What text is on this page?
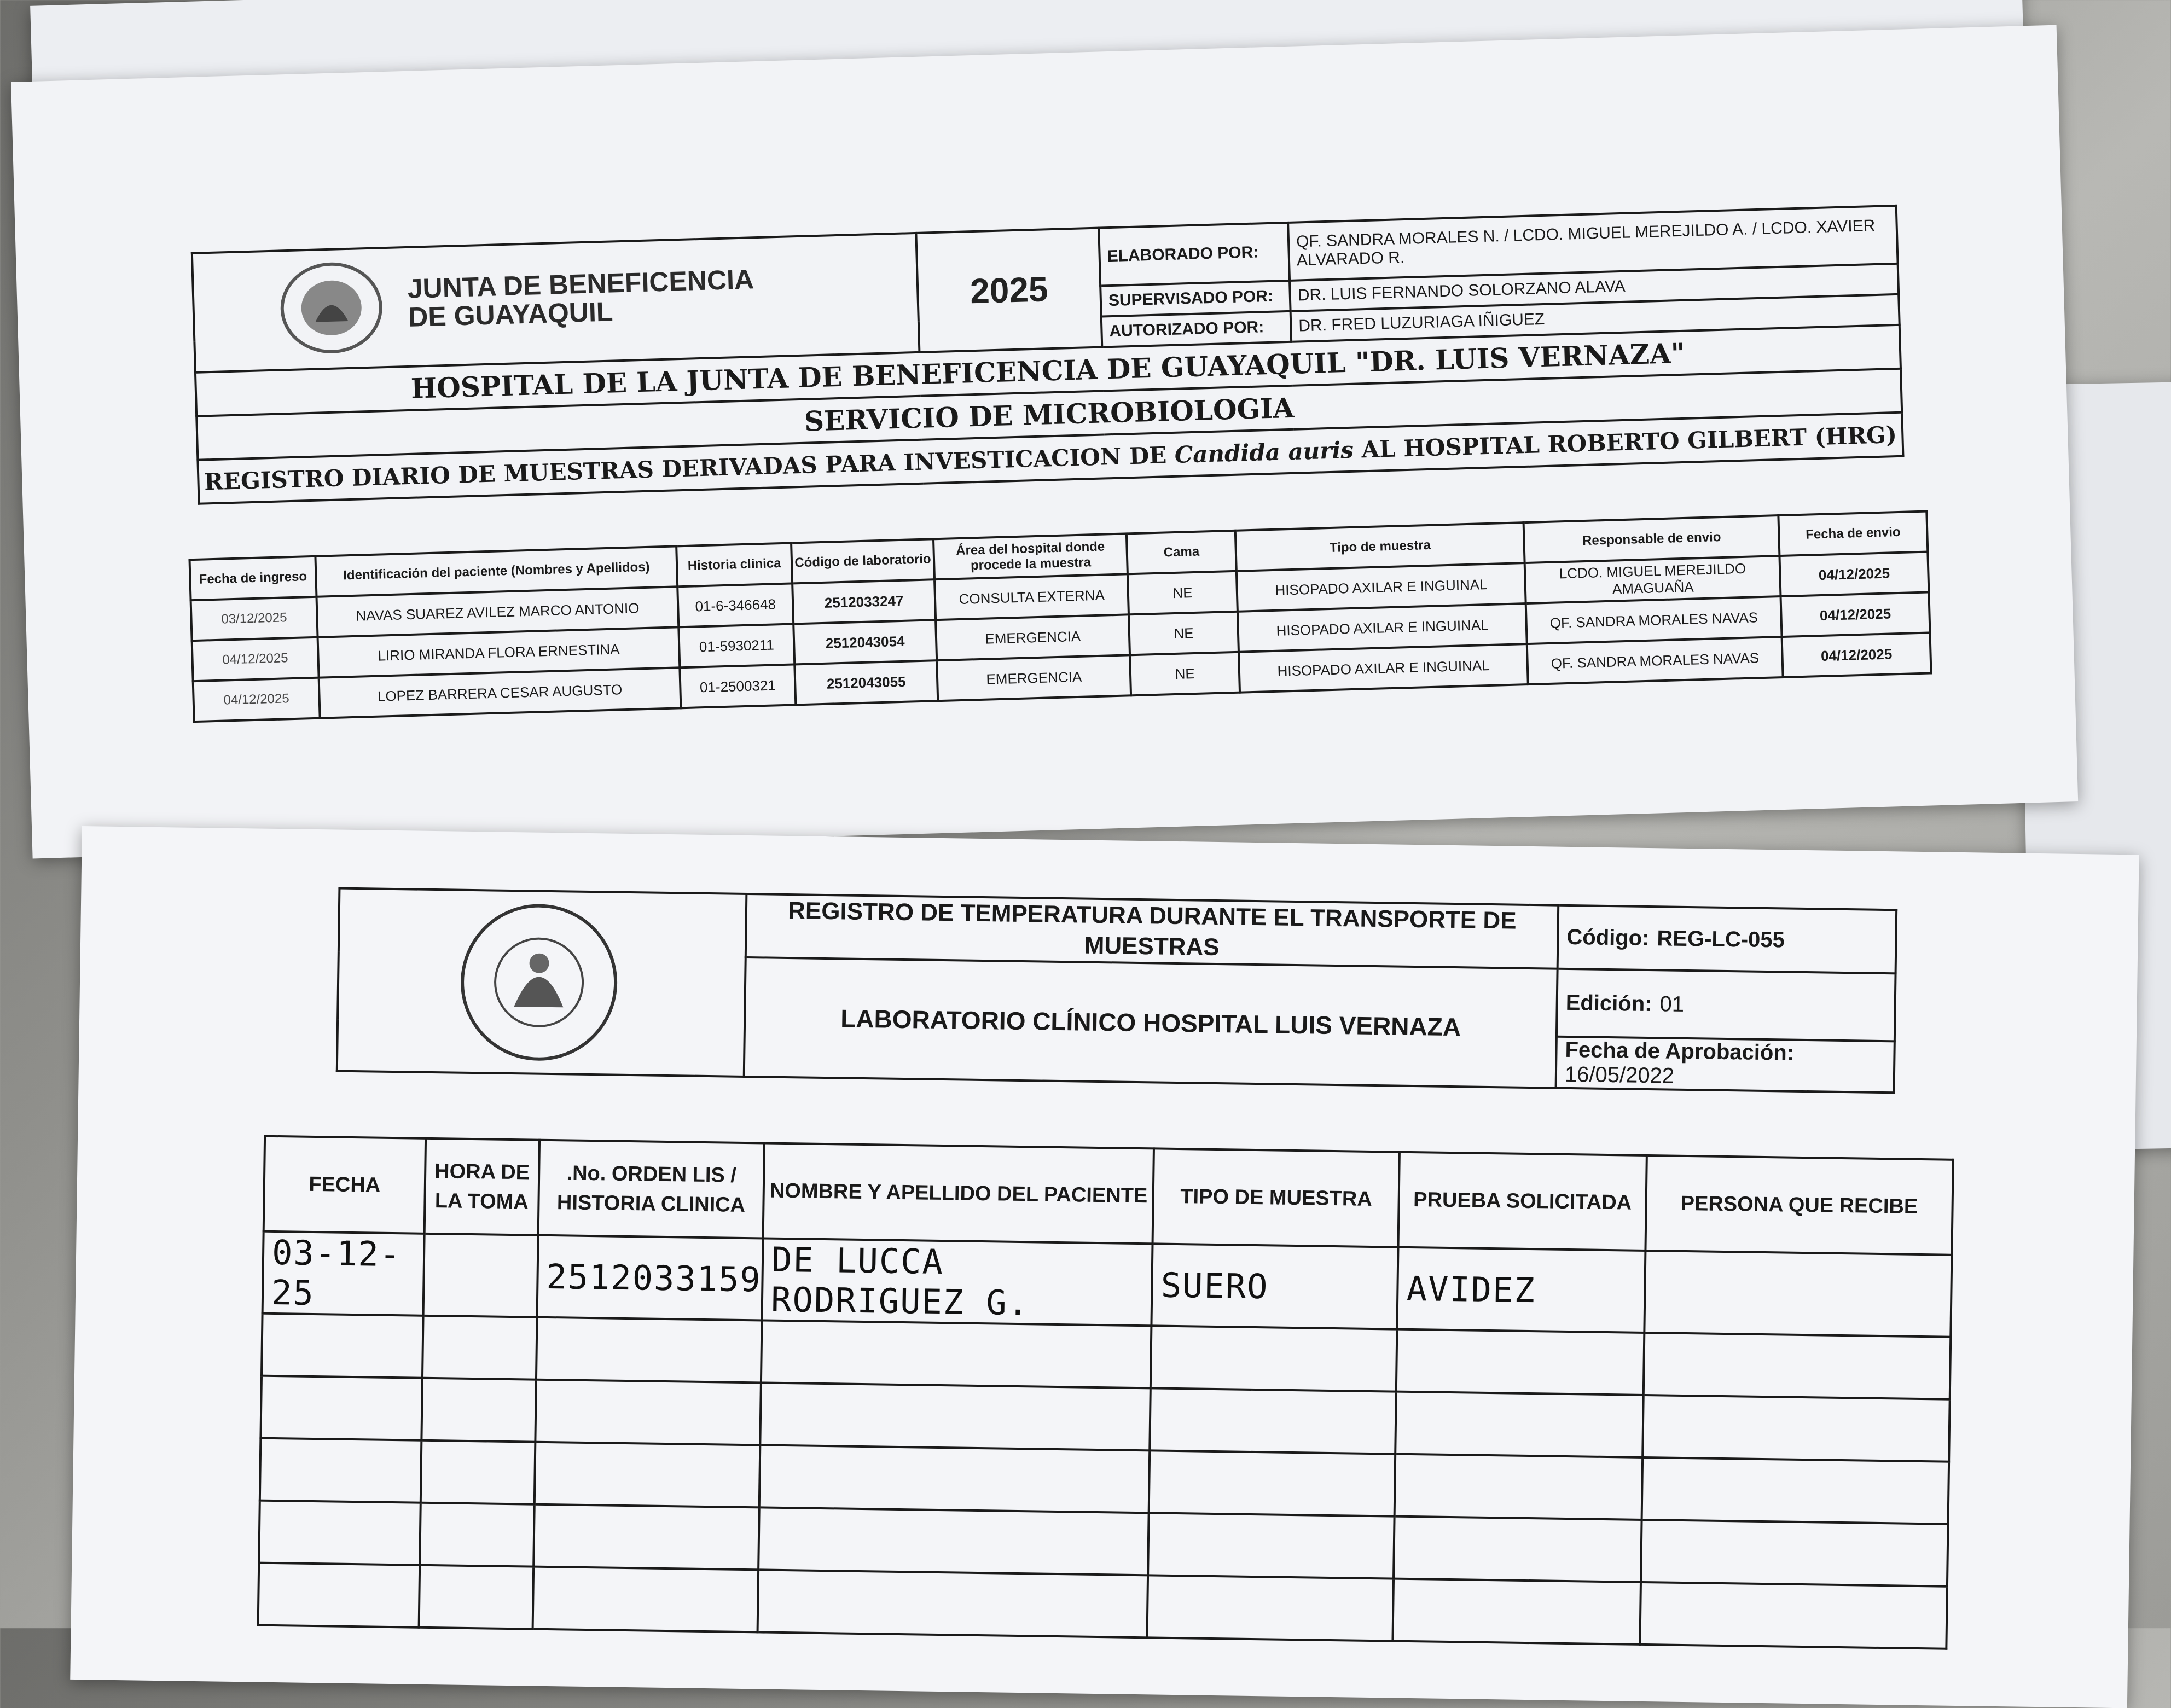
JUNTA DE BENEFICENCIA
DE GUAYAQUIL	2025	ELABORADO POR:	QF. SANDRA MORALES N. / LCDO. MIGUEL MEREJILDO A. / LCDO. XAVIER ALVARADO R.
		SUPERVISADO POR:	DR. LUIS FERNANDO SOLORZANO ALAVA
		AUTORIZADO POR:	DR. FRED LUZURIAGA IÑIGUEZ
HOSPITAL DE LA JUNTA DE BENEFICENCIA DE GUAYAQUIL "DR. LUIS VERNAZA"			
SERVICIO DE MICROBIOLOGIA			
REGISTRO DIARIO DE MUESTRAS DERIVADAS PARA INVESTICACION DE Candida auris AL HOSPITAL ROBERTO GILBERT (HRG)			
Fecha de ingreso	Identificación del paciente (Nombres y Apellidos)	Historia clinica	Código de laboratorio	Área del hospital donde procede la muestra	Cama	Tipo de muestra	Responsable de envio	Fecha de envio
03/12/2025	NAVAS SUAREZ AVILEZ MARCO ANTONIO	01-6-346648	2512033247	CONSULTA EXTERNA	NE	HISOPADO AXILAR E INGUINAL	LCDO. MIGUEL MEREJILDO AMAGUAÑA	04/12/2025
04/12/2025	LIRIO MIRANDA FLORA ERNESTINA	01-5930211	2512043054	EMERGENCIA	NE	HISOPADO AXILAR E INGUINAL	QF. SANDRA MORALES NAVAS	04/12/2025
04/12/2025	LOPEZ BARRERA CESAR AUGUSTO	01-2500321	2512043055	EMERGENCIA	NE	HISOPADO AXILAR E INGUINAL	QF. SANDRA MORALES NAVAS	04/12/2025
	REGISTRO DE TEMPERATURA DURANTE EL TRANSPORTE DE MUESTRAS	Código: REG-LC-055
	LABORATORIO CLÍNICO HOSPITAL LUIS VERNAZA	Edición: 01
		Fecha de Aprobación: 16/05/2022
FECHA	HORA DE LA TOMA	.No. ORDEN LIS / HISTORIA CLINICA	NOMBRE Y APELLIDO DEL PACIENTE	TIPO DE MUESTRA	PRUEBA SOLICITADA	PERSONA QUE RECIBE
03-12-25		2512033159	DE LUCCA RODRIGUEZ G.	SUERO	AVIDEZ	
